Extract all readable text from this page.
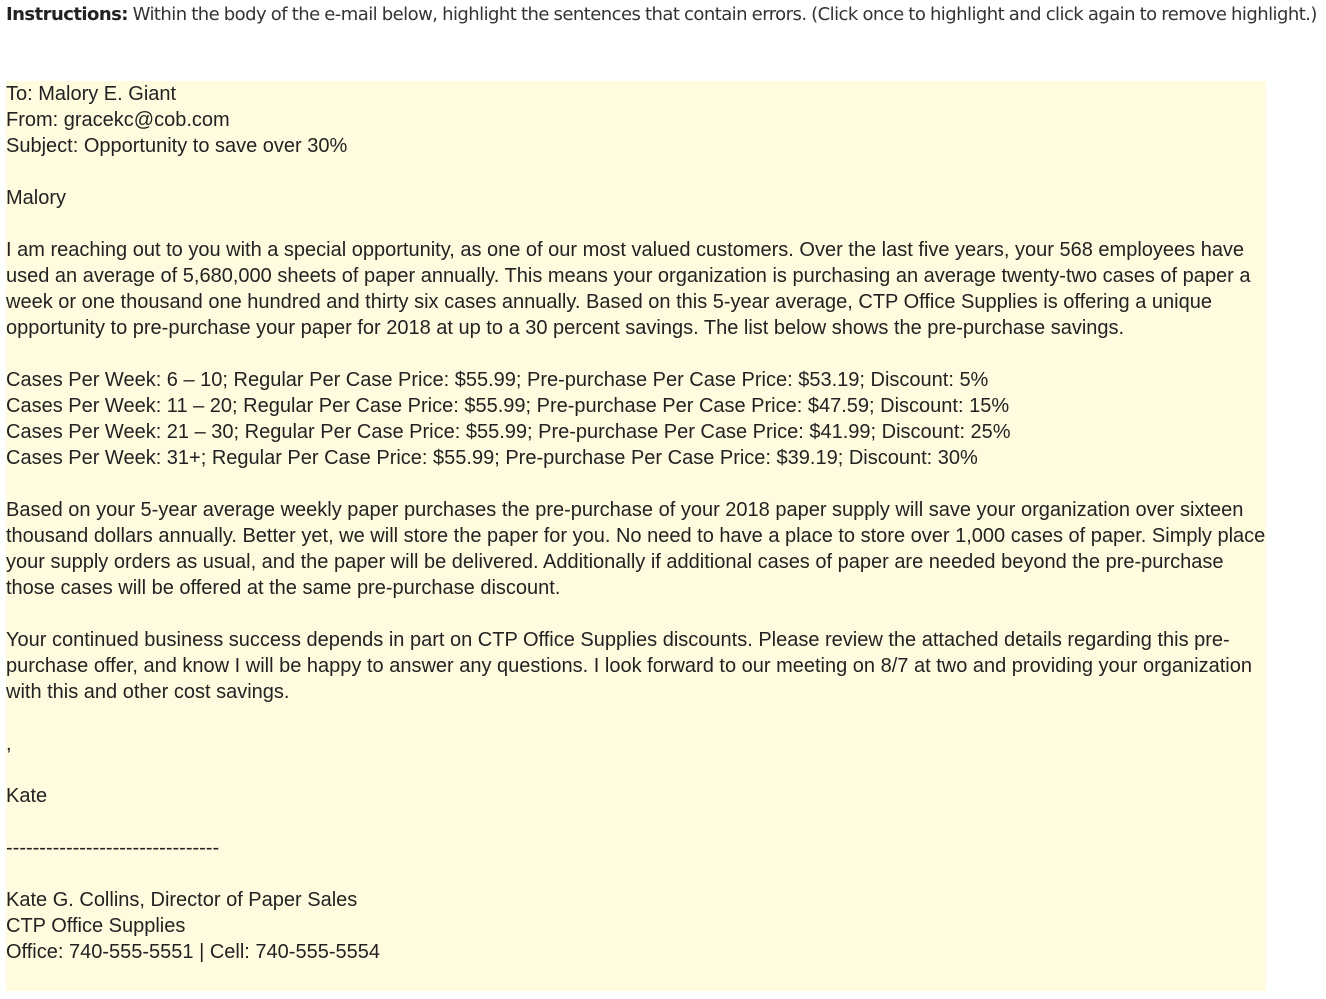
Instructions: Within the body of the e-mail below, highlight the sentences that contain errors. (Click once to highlight and click again to remove highlight.)
To: Malory E. Giant
From: gracekc@cob.com
Subject: Opportunity to save over 30%
Malory
I am reaching out to you with a special opportunity, as one of our most valued customers. Over the last five years, your 568 employees have used an average of 5,680,000 sheets of paper annually. This means your organization is purchasing an average twenty-two cases of paper a week or one thousand one hundred and thirty six cases annually. Based on this 5-year average, CTP Office Supplies is offering a unique opportunity to pre-purchase your paper for 2018 at up to a 30 percent savings. The list below shows the pre-purchase savings.
Cases Per Week: 6 – 10; Regular Per Case Price: $55.99; Pre-purchase Per Case Price: $53.19; Discount: 5%
Cases Per Week: 11 – 20; Regular Per Case Price: $55.99; Pre-purchase Per Case Price: $47.59; Discount: 15%
Cases Per Week: 21 – 30; Regular Per Case Price: $55.99; Pre-purchase Per Case Price: $41.99; Discount: 25%
Cases Per Week: 31+; Regular Per Case Price: $55.99; Pre-purchase Per Case Price: $39.19; Discount: 30%
Based on your 5-year average weekly paper purchases the pre-purchase of your 2018 paper supply will save your organization over sixteen thousand dollars annually. Better yet, we will store the paper for you. No need to have a place to store over 1,000 cases of paper. Simply place your supply orders as usual, and the paper will be delivered. Additionally if additional cases of paper are needed beyond the pre-purchase those cases will be offered at the same pre-purchase discount.
Your continued business success depends in part on CTP Office Supplies discounts. Please review the attached details regarding this pre-purchase offer, and know I will be happy to answer any questions. I look forward to our meeting on 8/7 at two and providing your organization with this and other cost savings.
,
Kate
--------------------------------
Kate G. Collins, Director of Paper Sales
CTP Office Supplies
Office: 740-555-5551 | Cell: 740-555-5554
